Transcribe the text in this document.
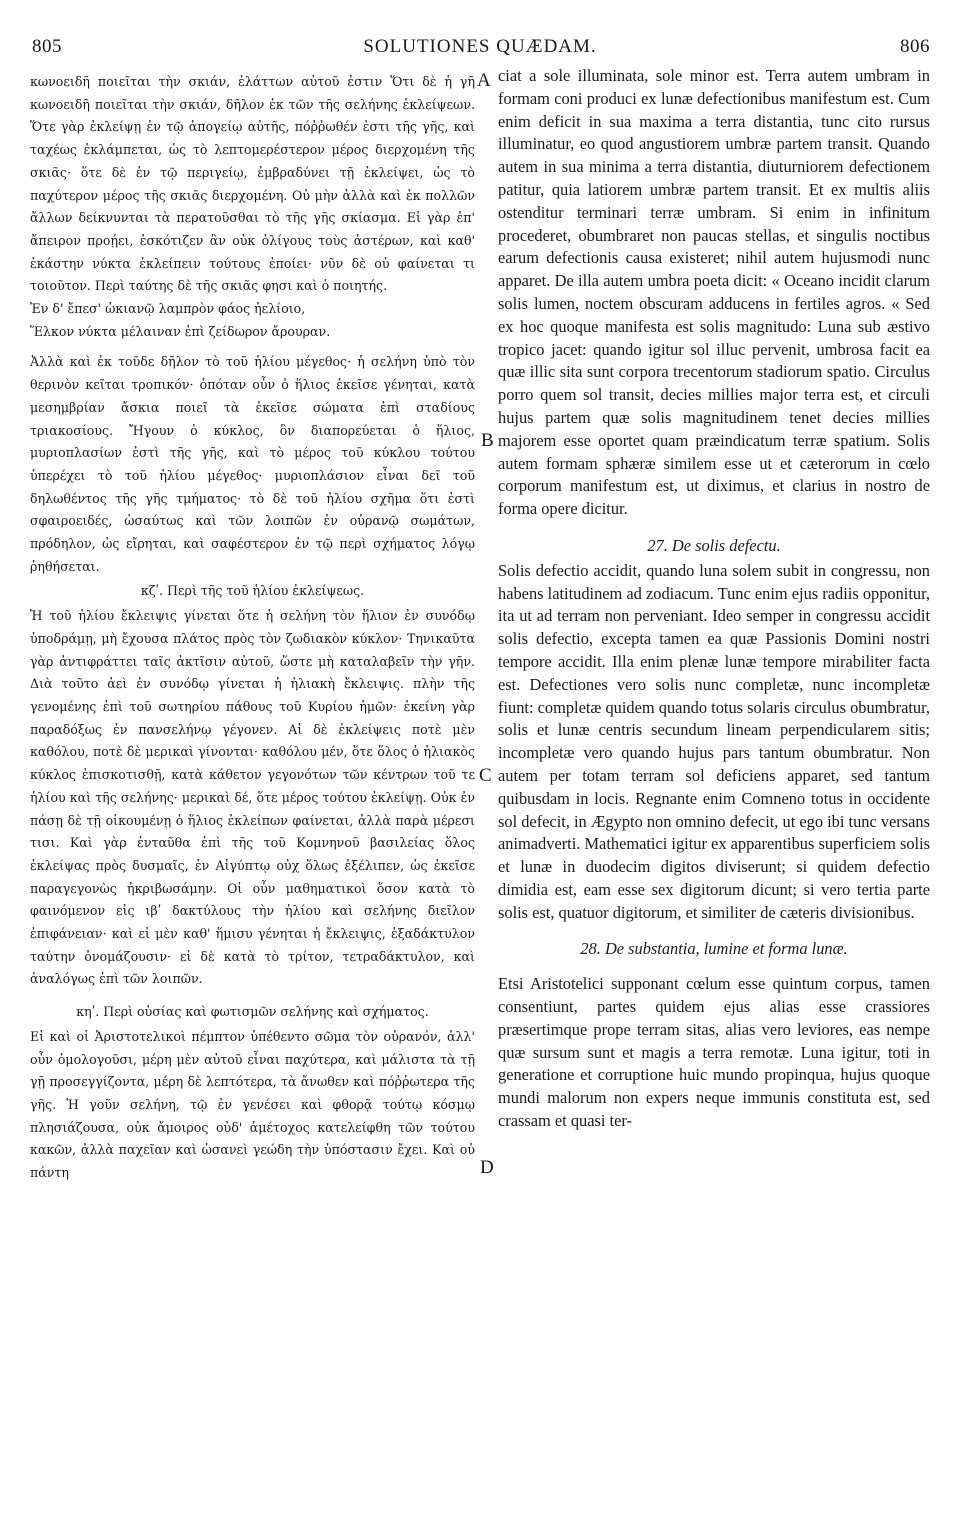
805	SOLUTIONES QUÆDAM.	806
A
B
C
D

κωνοειδῆ ποιεῖται τὴν σκιάν, ἐλάττων αὐτοῦ ἐστιν Ὅτι δὲ ἡ γῆ κωνοειδῆ ποιεῖται τὴν σκιάν, δῆλον ἐκ τῶν τῆς σελήνης ἐκλείψεων. Ὅτε γὰρ ἐκλείψῃ ἐν τῷ ἀπογείῳ αὐτῆς, πόῤῥωθέν ἐστι τῆς γῆς, καὶ ταχέως ἐκλάμπεται, ὡς τὸ λεπτομερέστερον μέρος διερχομένη τῆς σκιᾶς· ὅτε δὲ ἐν τῷ περιγείῳ, ἐμβραδύνει τῇ ἐκλείψει, ὡς τὸ παχύτερον μέρος τῆς σκιᾶς διερχομένη. Οὐ μὴν ἀλλὰ καὶ ἐκ πολλῶν ἄλλων δείκνυνται τὰ περατοῦσθαι τὸ τῆς γῆς σκίασμα. Εἰ γὰρ ἐπ' ἄπειρον προῄει, ἐσκότιζεν ἂν οὐκ ὀλίγους τοὺς ἀστέρων, καὶ καθ' ἑκάστην νύκτα ἐκλείπειν τούτους ἐποίει· νῦν δὲ οὐ φαίνεται τι τοιοῦτον. Περὶ ταύτης δὲ τῆς σκιᾶς φησι καὶ ὁ ποιητής.

Ἐν δ' ἔπεσ' ὠκιανῷ λαμπρὸν φάος ἠελίοιο,

Ἕλκον νύκτα μέλαιναν ἐπὶ ζείδωρον ἄρουραν.

Ἀλλὰ καὶ ἐκ τοῦδε δῆλον τὸ τοῦ ἡλίου μέγεθος· ἡ σελήνη ὑπὸ τὸν θερινὸν κεῖται τροπικόν· ὁπόταν οὖν ὁ ἥλιος ἐκεῖσε γένηται, κατὰ μεσημβρίαν ἄσκια ποιεῖ τὰ ἐκεῖσε σώματα ἐπὶ σταδίους τριακοσίους. Ἤγουν ὁ κύκλος, ὃν διαπορεύεται ὁ ἥλιος, μυριοπλασίων ἐστὶ τῆς γῆς, καὶ τὸ μέρος τοῦ κύκλου τούτου ὑπερέχει τὸ τοῦ ἡλίου μέγεθος· μυριοπλάσιον εἶναι δεῖ τοῦ δηλωθέντος τῆς γῆς τμήματος· τὸ δὲ τοῦ ἡλίου σχῆμα ὅτι ἐστὶ σφαιροειδές, ὡσαύτως καὶ τῶν λοιπῶν ἐν οὐρανῷ σωμάτων, πρόδηλον, ὡς εἴρηται, καὶ σαφέστερον ἐν τῷ περὶ σχήματος λόγῳ ῥηθήσεται.

κζʹ. Περὶ τῆς τοῦ ἡλίου ἐκλείψεως.

Ἡ τοῦ ἡλίου ἔκλειψις γίνεται ὅτε ἡ σελήνη τὸν ἥλιον ἐν συνόδῳ ὑποδράμῃ, μὴ ἔχουσα πλάτος πρὸς τὸν ζωδιακὸν κύκλον· Τηνικαῦτα γὰρ ἀντιφράττει ταῖς ἀκτῖσιν αὐτοῦ, ὥστε μὴ καταλαβεῖν τὴν γῆν. Διὰ τοῦτο ἀεὶ ἐν συνόδῳ γίνεται ἡ ἡλιακὴ ἔκλειψις. πλὴν τῆς γενομένης ἐπὶ τοῦ σωτηρίου πάθους τοῦ Κυρίου ἡμῶν· ἐκείνη γὰρ παραδόξως ἐν πανσελήνῳ γέγονεν. Αἱ δὲ ἐκλείψεις ποτὲ μὲν καθόλου, ποτὲ δὲ μερικαὶ γίνονται· καθόλου μέν, ὅτε ὅλος ὁ ἡλιακὸς κύκλος ἐπισκοτισθῇ, κατὰ κάθετον γεγονότων τῶν κέντρων τοῦ τε ἡλίου καὶ τῆς σελήνης· μερικαὶ δέ, ὅτε μέρος τούτου ἐκλείψῃ. Οὐκ ἐν πάσῃ δὲ τῇ οἰκουμένῃ ὁ ἥλιος ἐκλείπων φαίνεται, ἀλλὰ παρὰ μέρεσι τισι. Καὶ γὰρ ἐνταῦθα ἐπὶ τῆς τοῦ Κομνηνοῦ βασιλείας ὅλος ἐκλείψας πρὸς δυσμαῖς, ἐν Αἰγύπτῳ οὐχ ὅλως ἐξέλιπεν, ὡς ἐκεῖσε παραγεγονὼς ἠκριβωσάμην. Οἱ οὖν μαθηματικοὶ ὅσον κατὰ τὸ φαινόμενον εἰς ιβʹ δακτύλους τὴν ἡλίου καὶ σελήνης διεῖλον ἐπιφάνειαν· καὶ εἰ μὲν καθ' ἥμισυ γένηται ἡ ἔκλειψις, ἑξαδάκτυλον ταύτην ὀνομάζουσιν· εἰ δὲ κατὰ τὸ τρίτον, τετραδάκτυλον, καὶ ἀναλόγως ἐπὶ τῶν λοιπῶν.

κηʹ. Περὶ οὐσίας καὶ φωτισμῶν σελήνης καὶ σχήματος.

Εἰ καὶ οἱ Ἀριστοτελικοὶ πέμπτον ὑπέθεντο σῶμα τὸν οὐρανόν, ἀλλ' οὖν ὁμολογοῦσι, μέρη μὲν αὐτοῦ εἶναι παχύτερα, καὶ μάλιστα τὰ τῇ γῇ προσεγγίζοντα, μέρη δὲ λεπτότερα, τὰ ἄνωθεν καὶ πόῤῥωτερα τῆς γῆς. Ἡ γοῦν σελήνη, τῷ ἐν γενέσει καὶ φθορᾷ τούτῳ κόσμῳ πλησιάζουσα, οὐκ ἄμοιρος οὐδ' ἀμέτοχος κατελείφθη τῶν τούτου κακῶν, ἀλλὰ παχεῖαν καὶ ὡσανεὶ γεώδη τὴν ὑπόστασιν ἔχει. Καὶ οὐ πάντη

ciat a sole illuminata, sole minor est. Terra autem umbram in formam coni produci ex lunæ defectionibus manifestum est. Cum enim deficit in sua maxima a terra distantia, tunc cito rursus illuminatur, eo quod angustiorem umbræ partem transit. Quando autem in sua minima a terra distantia, diuturniorem defectionem patitur, quia latiorem umbræ partem transit. Et ex multis aliis ostenditur terminari terræ umbram. Si enim in infinitum procederet, obumbraret non paucas stellas, et singulis noctibus earum defectionis causa existeret; nihil autem hujusmodi nunc apparet. De illa autem umbra poeta dicit: « Oceano incidit clarum solis lumen, noctem obscuram adducens in fertiles agros. « Sed ex hoc quoque manifesta est solis magnitudo: Luna sub æstivo tropico jacet: quando igitur sol illuc pervenit, umbrosa facit ea quæ illic sita sunt corpora trecentorum stadiorum spatio. Circulus porro quem sol transit, decies millies major terra est, et circuli hujus partem quæ solis magnitudinem tenet decies millies majorem esse oportet quam præindicatum terræ spatium. Solis autem formam sphæræ similem esse ut et cæterorum in cœlo corporum manifestum est, ut diximus, et clarius in nostro de forma opere dicitur.

27. De solis defectu.

Solis defectio accidit, quando luna solem subit in congressu, non habens latitudinem ad zodiacum. Tunc enim ejus radiis opponitur, ita ut ad terram non perveniant. Ideo semper in congressu accidit solis defectio, excepta tamen ea quæ Passionis Domini nostri tempore accidit. Illa enim plenæ lunæ tempore mirabiliter facta est. Defectiones vero solis nunc completæ, nunc incompletæ fiunt: completæ quidem quando totus solaris circulus obumbratur, solis et lunæ centris secundum lineam perpendicularem sitis; incompletæ vero quando hujus pars tantum obumbratur. Non autem per totam terram sol deficiens apparet, sed tantum quibusdam in locis. Regnante enim Comneno totus in occidente sol defecit, in Ægypto non omnino defecit, ut ego ibi tunc versans animadverti. Mathematici igitur ex apparentibus superficiem solis et lunæ in duodecim digitos diviserunt; si quidem defectio dimidia est, eam esse sex digitorum dicunt; si vero tertia parte solis est, quatuor digitorum, et similiter de cæteris divisionibus.

28. De substantia, lumine et forma lunæ.

Etsi Aristotelici supponant cœlum esse quintum corpus, tamen consentiunt, partes quidem ejus alias esse crassiores præsertimque prope terram sitas, alias vero leviores, eas nempe quæ sursum sunt et magis a terra remotæ. Luna igitur, toti in generatione et corruptione huic mundo propinqua, hujus quoque mundi malorum non expers neque immunis constituta est, sed crassam et quasi ter-
